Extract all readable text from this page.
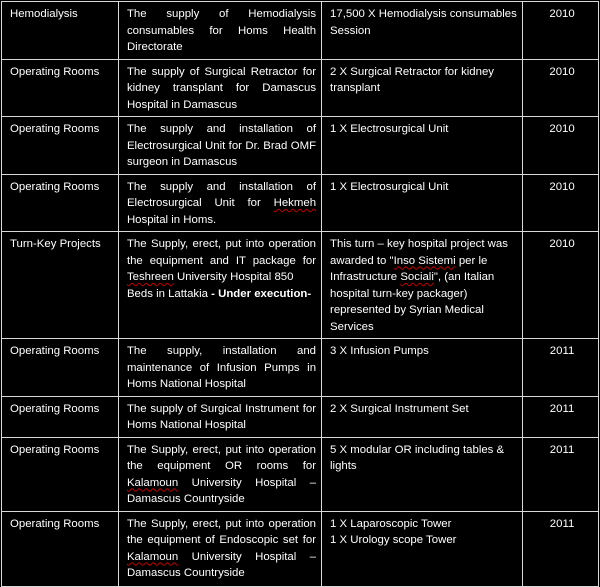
Hemodialysis	The supply of Hemodialysis consumables for Homs Health Directorate	17,500 X Hemodialysis consumables Session	2010
Operating Rooms	The supply of Surgical Retractor for kidney transplant for Damascus Hospital in Damascus	2 X Surgical Retractor for kidney transplant	2010
Operating Rooms	The supply and installation of Electrosurgical Unit for Dr. Brad OMF surgeon in Damascus	1 X Electrosurgical Unit	2010
Operating Rooms	The supply and installation of Electrosurgical Unit for Hekmeh Hospital in Homs.	1 X Electrosurgical Unit	2010
Turn-Key Projects	The Supply, erect, put into operation
the equipment and IT package for
Teshreen University Hospital 850
Beds in Lattakia - Under execution-	This turn – key hospital project was awarded to "Inso Sistemi per le Infrastructure Sociali", (an Italian hospital turn-key packager) represented by Syrian Medical Services	2010
Operating Rooms	The supply, installation and maintenance of Infusion Pumps in Homs National Hospital	3 X Infusion Pumps	2011
Operating Rooms	The supply of Surgical Instrument for Homs National Hospital	2 X Surgical Instrument Set	2011
Operating Rooms	The Supply, erect, put into operation
the equipment OR rooms for
Kalamoun University Hospital –
Damascus Countryside	5 X modular OR including tables & lights	2011
Operating Rooms	The Supply, erect, put into operation
the equipment of Endoscopic set for
Kalamoun University Hospital –
Damascus Countryside	1 X Laparoscopic Tower
1 X Urology scope Tower	2011
